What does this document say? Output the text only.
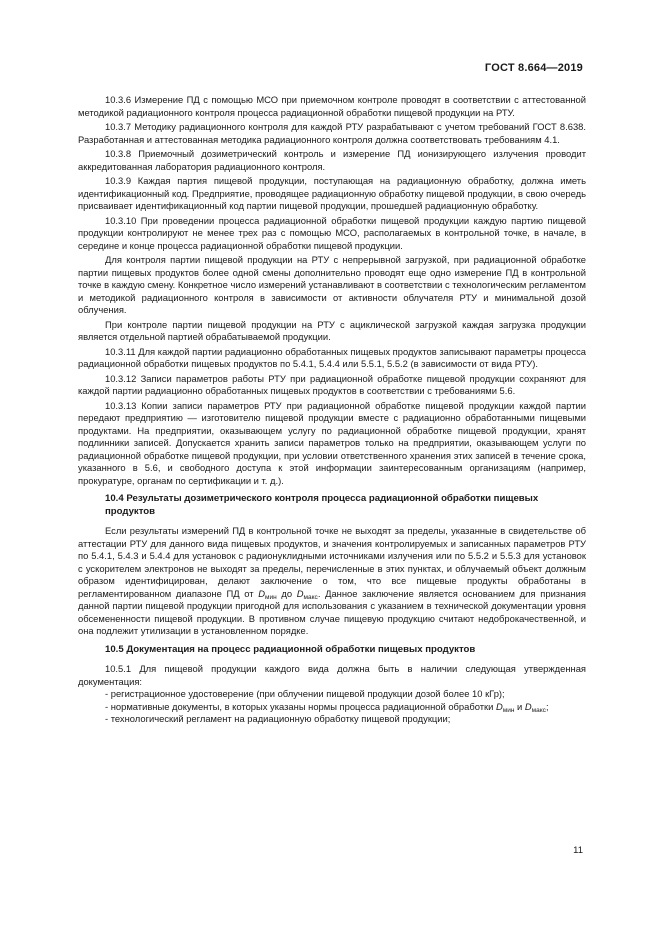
ГОСТ 8.664—2019

10.3.6 Измерение ПД с помощью МСО при приемочном контроле проводят в соответствии с аттестованной методикой радиационного контроля процесса радиационной обработки пищевой продукции на РТУ.

10.3.7 Методику радиационного контроля для каждой РТУ разрабатывают с учетом требований ГОСТ 8.638. Разработанная и аттестованная методика радиационного контроля должна соответствовать требованиям 4.1.

10.3.8 Приемочный дозиметрический контроль и измерение ПД ионизирующего излучения проводит аккредитованная лаборатория радиационного контроля.

10.3.9 Каждая партия пищевой продукции, поступающая на радиационную обработку, должна иметь идентификационный код. Предприятие, проводящее радиационную обработку пищевой продукции, в свою очередь присваивает идентификационный код партии пищевой продукции, прошедшей радиационную обработку.

10.3.10 При проведении процесса радиационной обработки пищевой продукции каждую партию пищевой продукции контролируют не менее трех раз с помощью МСО, располагаемых в контрольной точке, в начале, в середине и конце процесса радиационной обработки пищевой продукции.

Для контроля партии пищевой продукции на РТУ с непрерывной загрузкой, при радиационной обработке партии пищевых продуктов более одной смены дополнительно проводят еще одно измерение ПД в контрольной точке в каждую смену. Конкретное число измерений устанавливают в соответствии с технологическим регламентом и методикой радиационного контроля в зависимости от активности облучателя РТУ и минимальной дозой облучения.

При контроле партии пищевой продукции на РТУ с ациклической загрузкой каждая загрузка продукции является отдельной партией обрабатываемой продукции.

10.3.11 Для каждой партии радиационно обработанных пищевых продуктов записывают параметры процесса радиационной обработки пищевых продуктов по 5.4.1, 5.4.4 или 5.5.1, 5.5.2 (в зависимости от вида РТУ).

10.3.12 Записи параметров работы РТУ при радиационной обработке пищевой продукции сохраняют для каждой партии радиационно обработанных пищевых продуктов в соответствии с требованиями 5.6.

10.3.13 Копии записи параметров РТУ при радиационной обработке пищевой продукции каждой партии передают предприятию — изготовителю пищевой продукции вместе с радиационно обработанными пищевыми продуктами. На предприятии, оказывающем услугу по радиационной обработке пищевой продукции, хранят подлинники записей. Допускается хранить записи параметров только на предприятии, оказывающем услуги по радиационной обработке пищевой продукции, при условии ответственного хранения этих записей в течение срока, указанного в 5.6, и свободного доступа к этой информации заинтересованным организациям (например, прокуратуре, органам по сертификации и т. д.).

10.4 Результаты дозиметрического контроля процесса радиационной обработки пищевых продуктов

Если результаты измерений ПД в контрольной точке не выходят за пределы, указанные в свидетельстве об аттестации РТУ для данного вида пищевых продуктов, и значения контролируемых и записанных параметров РТУ по 5.4.1, 5.4.3 и 5.4.4 для установок с радионуклидными источниками излучения или по 5.5.2 и 5.5.3 для установок с ускорителем электронов не выходят за пределы, перечисленные в этих пунктах, и облучаемый объект должным образом идентифицирован, делают заключение о том, что все пищевые продукты обработаны в регламентированном диапазоне ПД от $D_{мин}$ до $D_{макс}$. Данное заключение является основанием для признания данной партии пищевой продукции пригодной для использования с указанием в технической документации уровня обсемененности пищевой продукции. В противном случае пищевую продукцию считают недоброкачественной, и она подлежит утилизации в установленном порядке.

10.5 Документация на процесс радиационной обработки пищевых продуктов

10.5.1 Для пищевой продукции каждого вида должна быть в наличии следующая утвержденная документация:

- регистрационное удостоверение (при облучении пищевой продукции дозой более 10 кГр);
- нормативные документы, в которых указаны нормы процесса радиационной обработки $D_{мин}$ и $D_{макс}$;
- технологический регламент на радиационную обработку пищевой продукции;
11
